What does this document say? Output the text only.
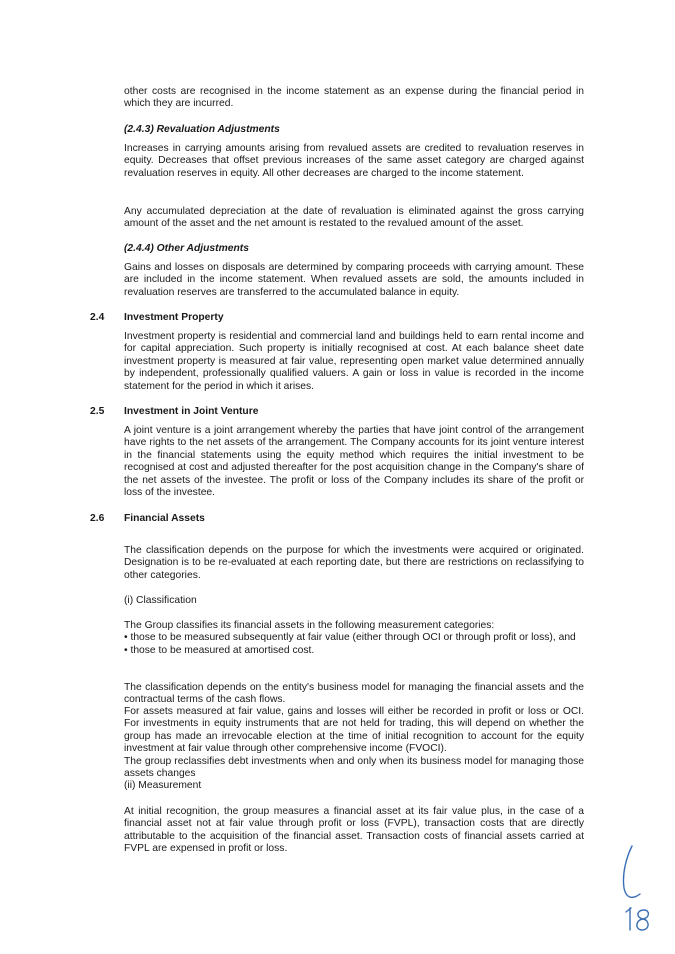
other costs are recognised in the income statement as an expense during the financial period in which they are incurred.

(2.4.3) Revaluation Adjustments

Increases in carrying amounts arising from revalued assets are credited to revaluation reserves in equity. Decreases that offset previous increases of the same asset category are charged against revaluation reserves in equity. All other decreases are charged to the income statement.

Any accumulated depreciation at the date of revaluation is eliminated against the gross carrying amount of the asset and the net amount is restated to the revalued amount of the asset.

(2.4.4) Other Adjustments

Gains and losses on disposals are determined by comparing proceeds with carrying amount. These are included in the income statement. When revalued assets are sold, the amounts included in revaluation reserves are transferred to the accumulated balance in equity.

2.4 Investment Property

Investment property is residential and commercial land and buildings held to earn rental income and for capital appreciation. Such property is initially recognised at cost. At each balance sheet date investment property is measured at fair value, representing open market value determined annually by independent, professionally qualified valuers. A gain or loss in value is recorded in the income statement for the period in which it arises.

2.5 Investment in Joint Venture

A joint venture is a joint arrangement whereby the parties that have joint control of the arrangement have rights to the net assets of the arrangement. The Company accounts for its joint venture interest in the financial statements using the equity method which requires the initial investment to be recognised at cost and adjusted thereafter for the post acquisition change in the Company's share of the net assets of the investee. The profit or loss of the Company includes its share of the profit or loss of the investee.

2.6 Financial Assets

The classification depends on the purpose for which the investments were acquired or originated. Designation is to be re-evaluated at each reporting date, but there are restrictions on reclassifying to other categories.

(i) Classification

The Group classifies its financial assets in the following measurement categories:
• those to be measured subsequently at fair value (either through OCI or through profit or loss), and
• those to be measured at amortised cost.

The classification depends on the entity's business model for managing the financial assets and the contractual terms of the cash flows.

For assets measured at fair value, gains and losses will either be recorded in profit or loss or OCI. For investments in equity instruments that are not held for trading, this will depend on whether the group has made an irrevocable election at the time of initial recognition to account for the equity investment at fair value through other comprehensive income (FVOCI).

The group reclassifies debt investments when and only when its business model for managing those assets changes

(ii) Measurement

At initial recognition, the group measures a financial asset at its fair value plus, in the case of a financial asset not at fair value through profit or loss (FVPL), transaction costs that are directly attributable to the acquisition of the financial asset. Transaction costs of financial assets carried at FVPL are expensed in profit or loss.
